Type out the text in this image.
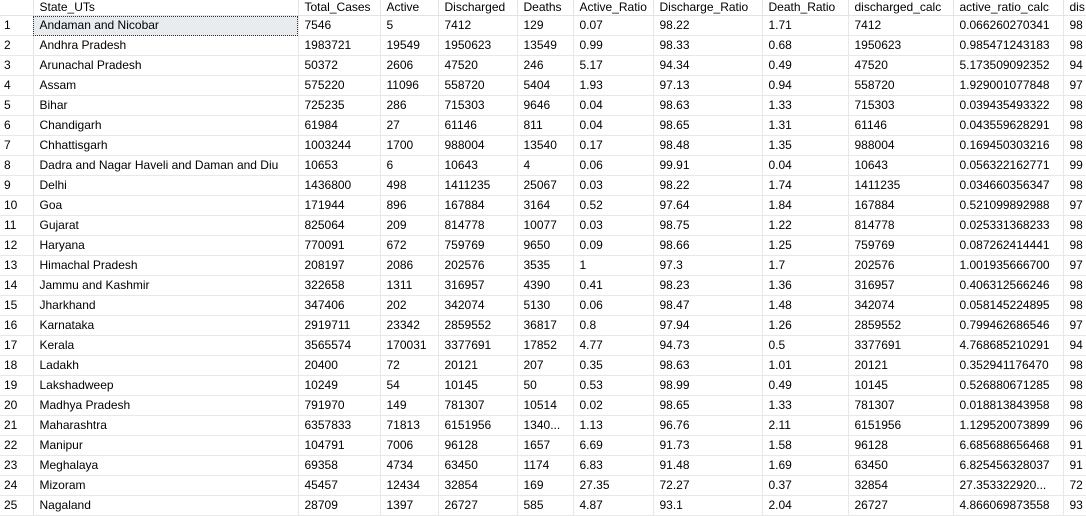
	State_UTs	Total_Cases	Active	Discharged	Deaths	Active_Ratio	Discharge_Ratio	Death_Ratio	discharged_calc	active_ratio_calc	dis
1	Andaman and Nicobar	7546	5	7412	129	0.07	98.22	1.71	7412	0.066260270341	98
2	Andhra Pradesh	1983721	19549	1950623	13549	0.99	98.33	0.68	1950623	0.985471243183	98
3	Arunachal Pradesh	50372	2606	47520	246	5.17	94.34	0.49	47520	5.173509092352	94
4	Assam	575220	11096	558720	5404	1.93	97.13	0.94	558720	1.929001077848	97
5	Bihar	725235	286	715303	9646	0.04	98.63	1.33	715303	0.039435493322	98
6	Chandigarh	61984	27	61146	811	0.04	98.65	1.31	61146	0.043559628291	98
7	Chhattisgarh	1003244	1700	988004	13540	0.17	98.48	1.35	988004	0.169450303216	98
8	Dadra and Nagar Haveli and Daman and Diu	10653	6	10643	4	0.06	99.91	0.04	10643	0.056322162771	99
9	Delhi	1436800	498	1411235	25067	0.03	98.22	1.74	1411235	0.034660356347	98
10	Goa	171944	896	167884	3164	0.52	97.64	1.84	167884	0.521099892988	97
11	Gujarat	825064	209	814778	10077	0.03	98.75	1.22	814778	0.025331368233	98
12	Haryana	770091	672	759769	9650	0.09	98.66	1.25	759769	0.087262414441	98
13	Himachal Pradesh	208197	2086	202576	3535	1	97.3	1.7	202576	1.001935666700	97
14	Jammu and Kashmir	322658	1311	316957	4390	0.41	98.23	1.36	316957	0.406312566246	98
15	Jharkhand	347406	202	342074	5130	0.06	98.47	1.48	342074	0.058145224895	98
16	Karnataka	2919711	23342	2859552	36817	0.8	97.94	1.26	2859552	0.799462686546	97
17	Kerala	3565574	170031	3377691	17852	4.77	94.73	0.5	3377691	4.768685210291	94
18	Ladakh	20400	72	20121	207	0.35	98.63	1.01	20121	0.352941176470	98
19	Lakshadweep	10249	54	10145	50	0.53	98.99	0.49	10145	0.526880671285	98
20	Madhya Pradesh	791970	149	781307	10514	0.02	98.65	1.33	781307	0.018813843958	98
21	Maharashtra	6357833	71813	6151956	1340...	1.13	96.76	2.11	6151956	1.129520073899	96
22	Manipur	104791	7006	96128	1657	6.69	91.73	1.58	96128	6.685688656468	91
23	Meghalaya	69358	4734	63450	1174	6.83	91.48	1.69	63450	6.825456328037	91
24	Mizoram	45457	12434	32854	169	27.35	72.27	0.37	32854	27.353322920...	72
25	Nagaland	28709	1397	26727	585	4.87	93.1	2.04	26727	4.866069873558	93
